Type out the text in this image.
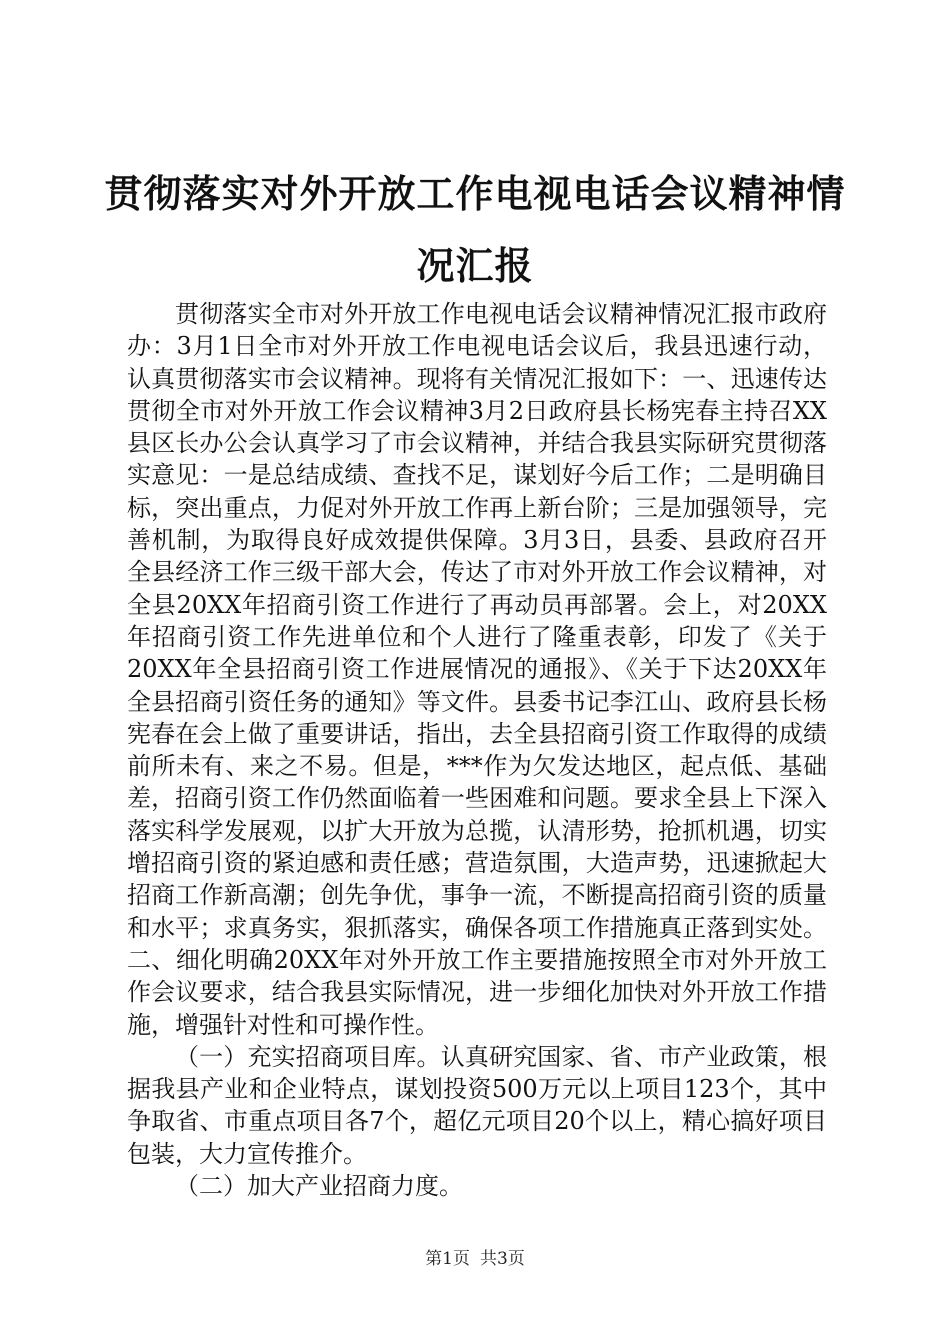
贯彻落实对外开放工作电视电话会议精神情况汇报

贯彻落实全市对外开放工作电视电话会议精神情况汇报市政府办：3月1日全市对外开放工作电视电话会议后，我县迅速行动，认真贯彻落实市会议精神。现将有关情况汇报如下：一、迅速传达贯彻全市对外开放工作会议精神3月2日政府县长杨宪春主持召XX县区长办公会认真学习了市会议精神，并结合我县实际研究贯彻落实意见：一是总结成绩、查找不足，谋划好今后工作；二是明确目标，突出重点，力促对外开放工作再上新台阶；三是加强领导，完善机制，为取得良好成效提供保障。3月3日，县委、县政府召开全县经济工作三级干部大会，传达了市对外开放工作会议精神，对全县20XX年招商引资工作进行了再动员再部署。会上，对20XX年招商引资工作先进单位和个人进行了隆重表彰，印发了《关于20XX年全县招商引资工作进展情况的通报》、《关于下达20XX年全县招商引资任务的通知》等文件。县委书记李江山、政府县长杨宪春在会上做了重要讲话，指出，去全县招商引资工作取得的成绩前所未有、来之不易。但是，***作为欠发达地区，起点低、基础差，招商引资工作仍然面临着一些困难和问题。要求全县上下深入落实科学发展观，以扩大开放为总揽，认清形势，抢抓机遇，切实增招商引资的紧迫感和责任感；营造氛围，大造声势，迅速掀起大招商工作新高潮；创先争优，事争一流，不断提高招商引资的质量和水平；求真务实，狠抓落实，确保各项工作措施真正落到实处。二、细化明确20XX年对外开放工作主要措施按照全市对外开放工作会议要求，结合我县实际情况，进一步细化加快对外开放工作措施，增强针对性和可操作性。

（一）充实招商项目库。认真研究国家、省、市产业政策，根据我县产业和企业特点，谋划投资500万元以上项目123个，其中争取省、市重点项目各7个，超亿元项目20个以上，精心搞好项目包装，大力宣传推介。

（二）加大产业招商力度。

第1页 共3页
